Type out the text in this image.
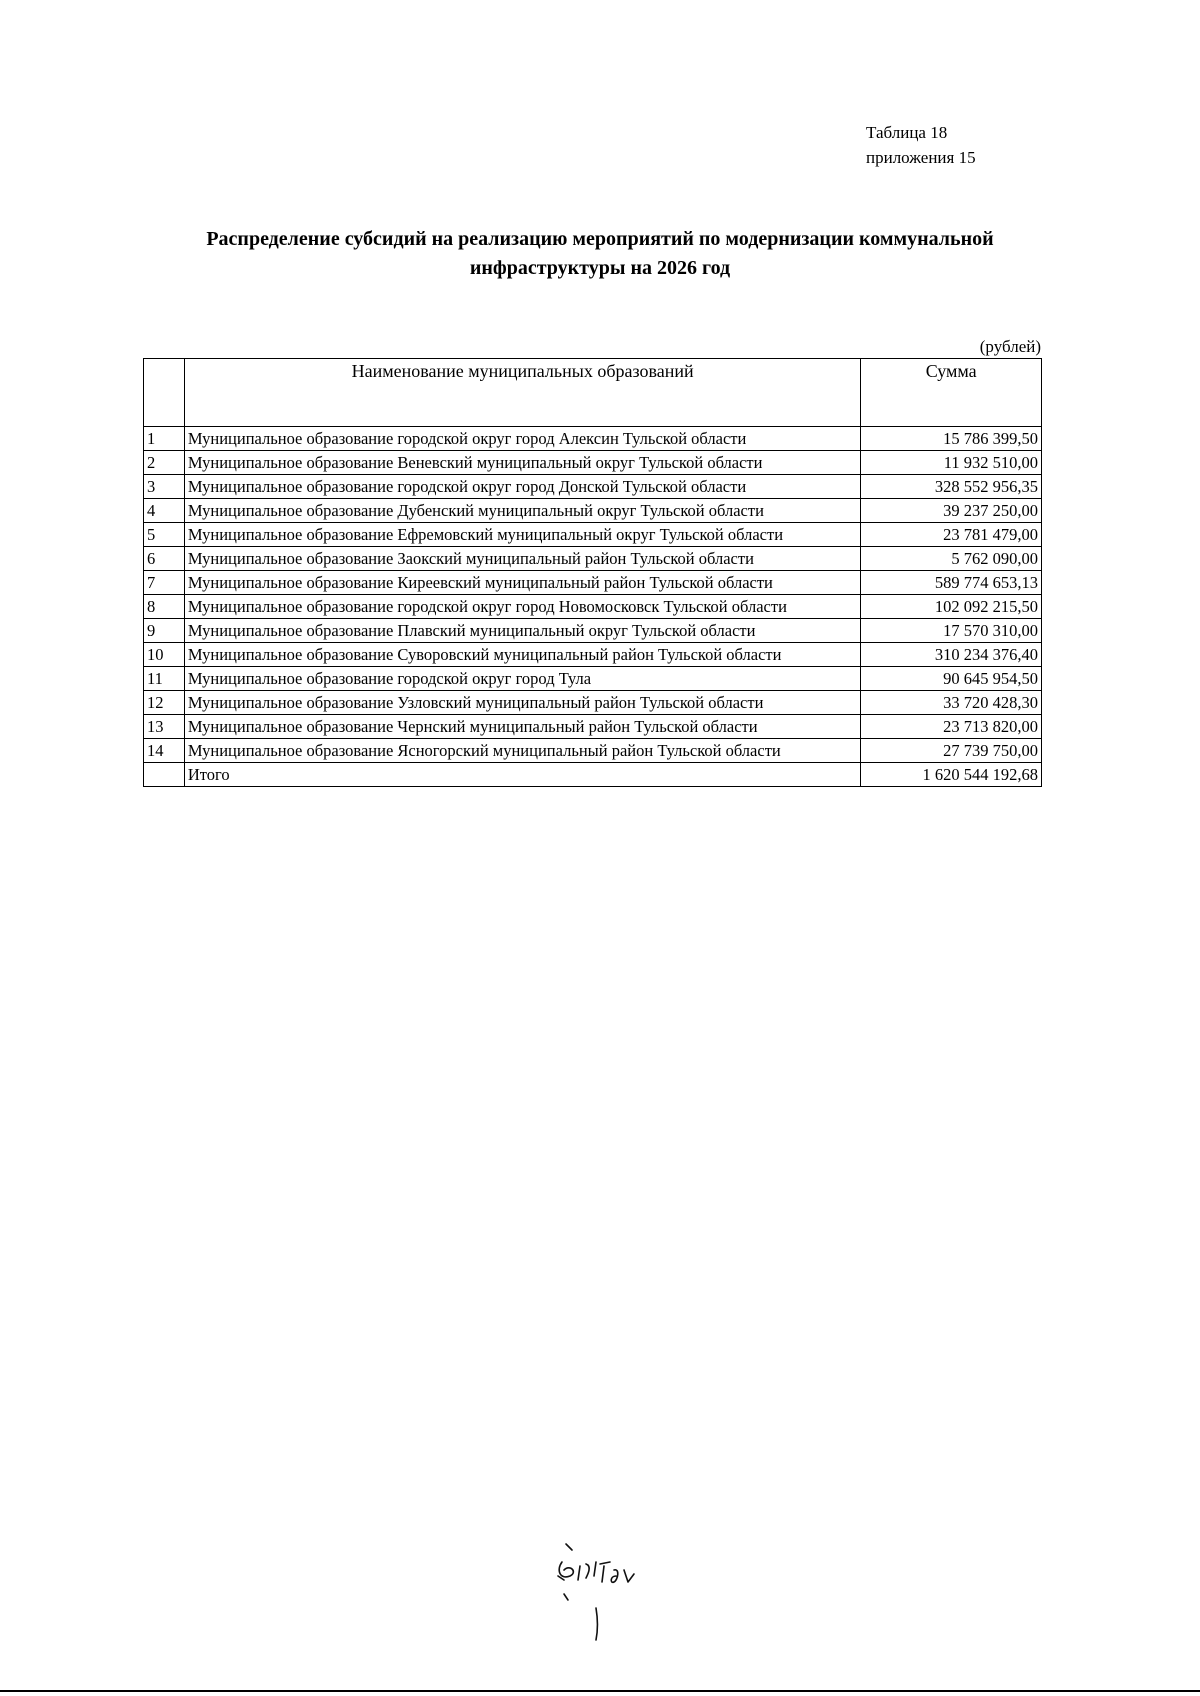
Таблица 18
приложения 15
Распределение субсидий на реализацию мероприятий по модернизации коммунальной
инфраструктуры на 2026 год
(рублей)
	Наименование муниципальных образований	Сумма
1	Муниципальное образование городской округ город Алексин Тульской области	15 786 399,50
2	Муниципальное образование Веневский муниципальный округ Тульской области	11 932 510,00
3	Муниципальное образование городской округ город Донской Тульской области	328 552 956,35
4	Муниципальное образование Дубенский муниципальный округ Тульской области	39 237 250,00
5	Муниципальное образование Ефремовский муниципальный округ Тульской области	23 781 479,00
6	Муниципальное образование Заокский муниципальный район Тульской области	5 762 090,00
7	Муниципальное образование Киреевский муниципальный район Тульской области	589 774 653,13
8	Муниципальное образование городской округ город Новомосковск Тульской области	102 092 215,50
9	Муниципальное образование Плавский муниципальный округ Тульской области	17 570 310,00
10	Муниципальное образование Суворовский муниципальный район Тульской области	310 234 376,40
11	Муниципальное образование городской округ город Тула	90 645 954,50
12	Муниципальное образование Узловский муниципальный район Тульской области	33 720 428,30
13	Муниципальное образование Чернский муниципальный район Тульской области	23 713 820,00
14	Муниципальное образование Ясногорский муниципальный район Тульской области	27 739 750,00
	Итого	1 620 544 192,68
